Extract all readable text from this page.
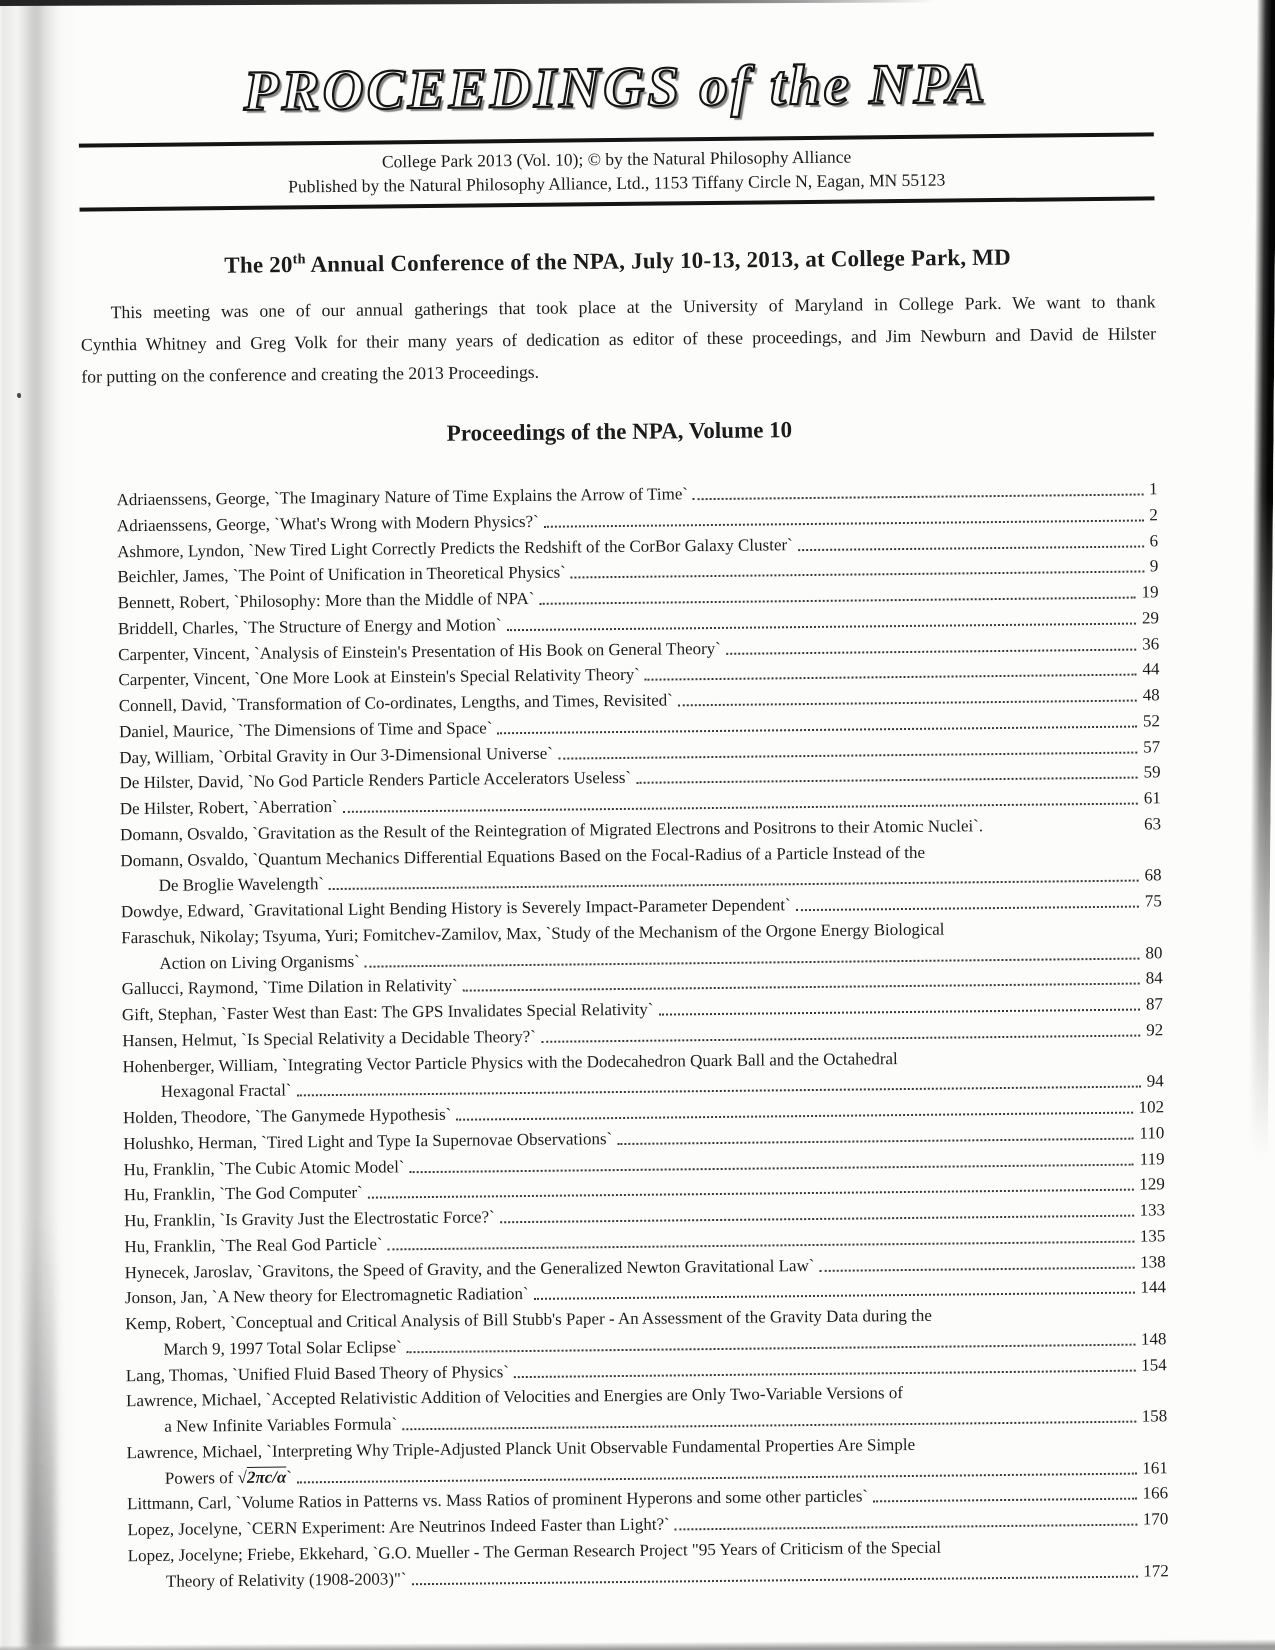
PROCEEDINGS of the NPA
College Park 2013 (Vol. 10); © by the Natural Philosophy Alliance
Published by the Natural Philosophy Alliance, Ltd., 1153 Tiffany Circle N, Eagan, MN 55123
The 20th Annual Conference of the NPA, July 10-13, 2013, at College Park, MD
This meeting was one of our annual gatherings that took place at the University of Maryland in College Park. We want to thank
Cynthia Whitney and Greg Volk for their many years of dedication as editor of these proceedings, and Jim Newburn and David de Hilster
for putting on the conference and creating the 2013 Proceedings.
Proceedings of the NPA, Volume 10
Adriaenssens, George, `The Imaginary Nature of Time Explains the Arrow of Time`	1
Adriaenssens, George, `What's Wrong with Modern Physics?`	2
Ashmore, Lyndon, `New Tired Light Correctly Predicts the Redshift of the CorBor Galaxy Cluster`	6
Beichler, James, `The Point of Unification in Theoretical Physics`	9
Bennett, Robert, `Philosophy: More than the Middle of NPA`	19
Briddell, Charles, `The Structure of Energy and Motion`	29
Carpenter, Vincent, `Analysis of Einstein's Presentation of His Book on General Theory`	36
Carpenter, Vincent, `One More Look at Einstein's Special Relativity Theory`	44
Connell, David, `Transformation of Co-ordinates, Lengths, and Times, Revisited`	48
Daniel, Maurice, `The Dimensions of Time and Space`	52
Day, William, `Orbital Gravity in Our 3-Dimensional Universe`	57
De Hilster, David, `No God Particle Renders Particle Accelerators Useless`	59
De Hilster, Robert, `Aberration`	61
Domann, Osvaldo, `Gravitation as the Result of the Reintegration of Migrated Electrons and Positrons to their Atomic Nuclei`.	63
Domann, Osvaldo, `Quantum Mechanics Differential Equations Based on the Focal-Radius of a Particle Instead of the
De Broglie Wavelength`	68
Dowdye, Edward, `Gravitational Light Bending History is Severely Impact-Parameter Dependent`	75
Faraschuk, Nikolay; Tsyuma, Yuri; Fomitchev-Zamilov, Max, `Study of the Mechanism of the Orgone Energy Biological
Action on Living Organisms`	80
Gallucci, Raymond, `Time Dilation in Relativity`	84
Gift, Stephan, `Faster West than East: The GPS Invalidates Special Relativity`	87
Hansen, Helmut, `Is Special Relativity a Decidable Theory?`	92
Hohenberger, William, `Integrating Vector Particle Physics with the Dodecahedron Quark Ball and the Octahedral
Hexagonal Fractal`	94
Holden, Theodore, `The Ganymede Hypothesis`	102
Holushko, Herman, `Tired Light and Type Ia Supernovae Observations`	110
Hu, Franklin, `The Cubic Atomic Model`	119
Hu, Franklin, `The God Computer`	129
Hu, Franklin, `Is Gravity Just the Electrostatic Force?`	133
Hu, Franklin, `The Real God Particle`	135
Hynecek, Jaroslav, `Gravitons, the Speed of Gravity, and the Generalized Newton Gravitational Law`	138
Jonson, Jan, `A New theory for Electromagnetic Radiation`	144
Kemp, Robert, `Conceptual and Critical Analysis of Bill Stubb's Paper - An Assessment of the Gravity Data during the
March 9, 1997 Total Solar Eclipse`	148
Lang, Thomas, `Unified Fluid Based Theory of Physics`	154
Lawrence, Michael, `Accepted Relativistic Addition of Velocities and Energies are Only Two-Variable Versions of
a New Infinite Variables Formula`	158
Lawrence, Michael, `Interpreting Why Triple-Adjusted Planck Unit Observable Fundamental Properties Are Simple
Powers of √2πc/α`	161
Littmann, Carl, `Volume Ratios in Patterns vs. Mass Ratios of prominent Hyperons and some other particles`	166
Lopez, Jocelyne, `CERN Experiment: Are Neutrinos Indeed Faster than Light?`	170
Lopez, Jocelyne; Friebe, Ekkehard, `G.O. Mueller - The German Research Project "95 Years of Criticism of the Special
Theory of Relativity (1908-2003)"`	172
